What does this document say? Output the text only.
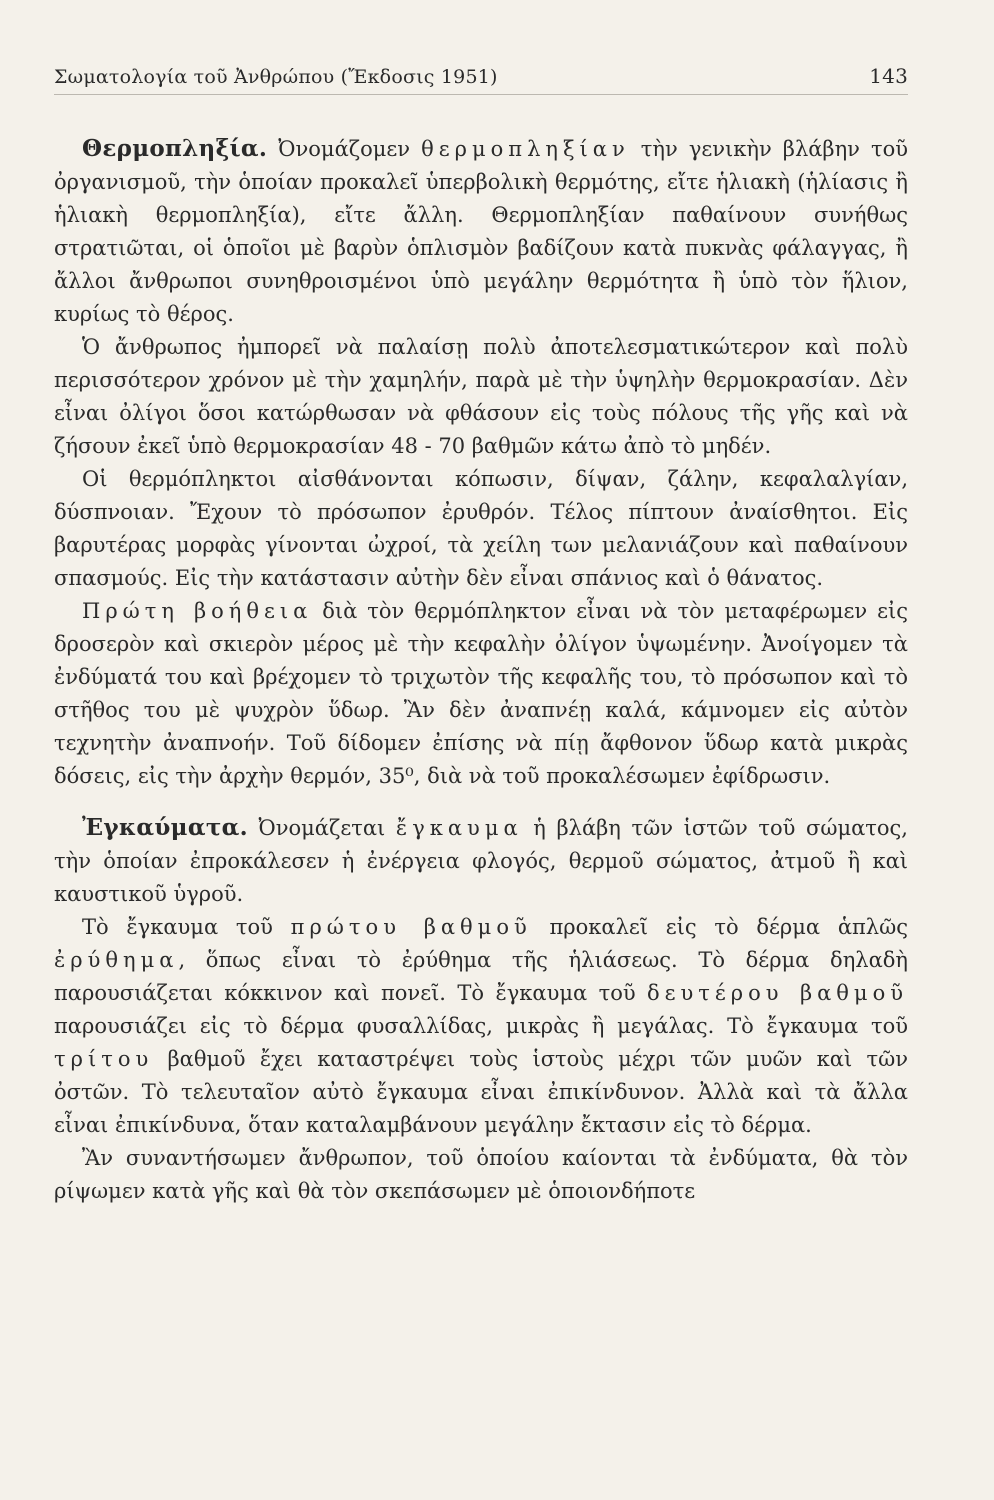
Σωματολογία τοῦ Ἀνθρώπου (Ἔκδοσις 1951)	143

Θερμοπληξία. Ὀνομάζομεν θερμοπληξίαν τὴν γενικὴν βλάβην τοῦ ὀργανισμοῦ, τὴν ὁποίαν προκαλεῖ ὑπερβολικὴ θερμότης, εἴτε ἡλιακὴ (ἡλίασις ἢ ἡλιακὴ θερμοπληξία), εἴτε ἄλλη. Θερμοπληξίαν παθαίνουν συνήθως στρατιῶται, οἱ ὁποῖοι μὲ βαρὺν ὁπλισμὸν βαδίζουν κατὰ πυκνὰς φάλαγγας, ἢ ἄλλοι ἄνθρωποι συνηθροισμένοι ὑπὸ μεγάλην θερμότητα ἢ ὑπὸ τὸν ἥλιον, κυρίως τὸ θέρος.

Ὁ ἄνθρωπος ἠμπορεῖ νὰ παλαίσῃ πολὺ ἀποτελεσματικώτερον καὶ πολὺ περισσότερον χρόνον μὲ τὴν χαμηλήν, παρὰ μὲ τὴν ὑψηλὴν θερμοκρασίαν. Δὲν εἶναι ὀλίγοι ὅσοι κατώρθωσαν νὰ φθάσουν εἰς τοὺς πόλους τῆς γῆς καὶ νὰ ζήσουν ἐκεῖ ὑπὸ θερμοκρασίαν 48 - 70 βαθμῶν κάτω ἀπὸ τὸ μηδέν.

Οἱ θερμόπληκτοι αἰσθάνονται κόπωσιν, δίψαν, ζάλην, κεφαλαλγίαν, δύσπνοιαν. Ἔχουν τὸ πρόσωπον ἐρυθρόν. Τέλος πίπτουν ἀναίσθητοι. Εἰς βαρυτέρας μορφὰς γίνονται ὠχροί, τὰ χείλη των μελανιάζουν καὶ παθαίνουν σπασμούς. Εἰς τὴν κατάστασιν αὐτὴν δὲν εἶναι σπάνιος καὶ ὁ θάνατος.

Πρώτη βοήθεια διὰ τὸν θερμόπληκτον εἶναι νὰ τὸν μεταφέρωμεν εἰς δροσερὸν καὶ σκιερὸν μέρος μὲ τὴν κεφαλὴν ὀλίγον ὑψωμένην. Ἀνοίγομεν τὰ ἐνδύματά του καὶ βρέχομεν τὸ τριχωτὸν τῆς κεφαλῆς του, τὸ πρόσωπον καὶ τὸ στῆθος του μὲ ψυχρὸν ὕδωρ. Ἂν δὲν ἀναπνέῃ καλά, κάμνομεν εἰς αὐτὸν τεχνητὴν ἀναπνοήν. Τοῦ δίδομεν ἐπίσης νὰ πίῃ ἄφθονον ὕδωρ κατὰ μικρὰς δόσεις, εἰς τὴν ἀρχὴν θερμόν, 35⁰, διὰ νὰ τοῦ προκαλέσωμεν ἐφίδρωσιν.

Ἐγκαύματα. Ὀνομάζεται ἔγκαυμα ἡ βλάβη τῶν ἱστῶν τοῦ σώματος, τὴν ὁποίαν ἐπροκάλεσεν ἡ ἐνέργεια φλογός, θερμοῦ σώματος, ἀτμοῦ ἢ καὶ καυστικοῦ ὑγροῦ.

Τὸ ἔγκαυμα τοῦ πρώτου βαθμοῦ προκαλεῖ εἰς τὸ δέρμα ἁπλῶς ἐρύθημα, ὅπως εἶναι τὸ ἐρύθημα τῆς ἡλιάσεως. Τὸ δέρμα δηλαδὴ παρουσιάζεται κόκκινον καὶ πονεῖ. Τὸ ἔγκαυμα τοῦ δευτέρου βαθμοῦ παρουσιάζει εἰς τὸ δέρμα φυσαλλίδας, μικρὰς ἢ μεγάλας. Τὸ ἔγκαυμα τοῦ τρίτου βαθμοῦ ἔχει καταστρέψει τοὺς ἱστοὺς μέχρι τῶν μυῶν καὶ τῶν ὀστῶν. Τὸ τελευταῖον αὐτὸ ἔγκαυμα εἶναι ἐπικίνδυνον. Ἀλλὰ καὶ τὰ ἄλλα εἶναι ἐπικίνδυνα, ὅταν καταλαμβάνουν μεγάλην ἔκτασιν εἰς τὸ δέρμα.

Ἂν συναντήσωμεν ἄνθρωπον, τοῦ ὁποίου καίονται τὰ ἐνδύματα, θὰ τὸν ρίψωμεν κατὰ γῆς καὶ θὰ τὸν σκεπάσωμεν μὲ ὁποιονδήποτε
